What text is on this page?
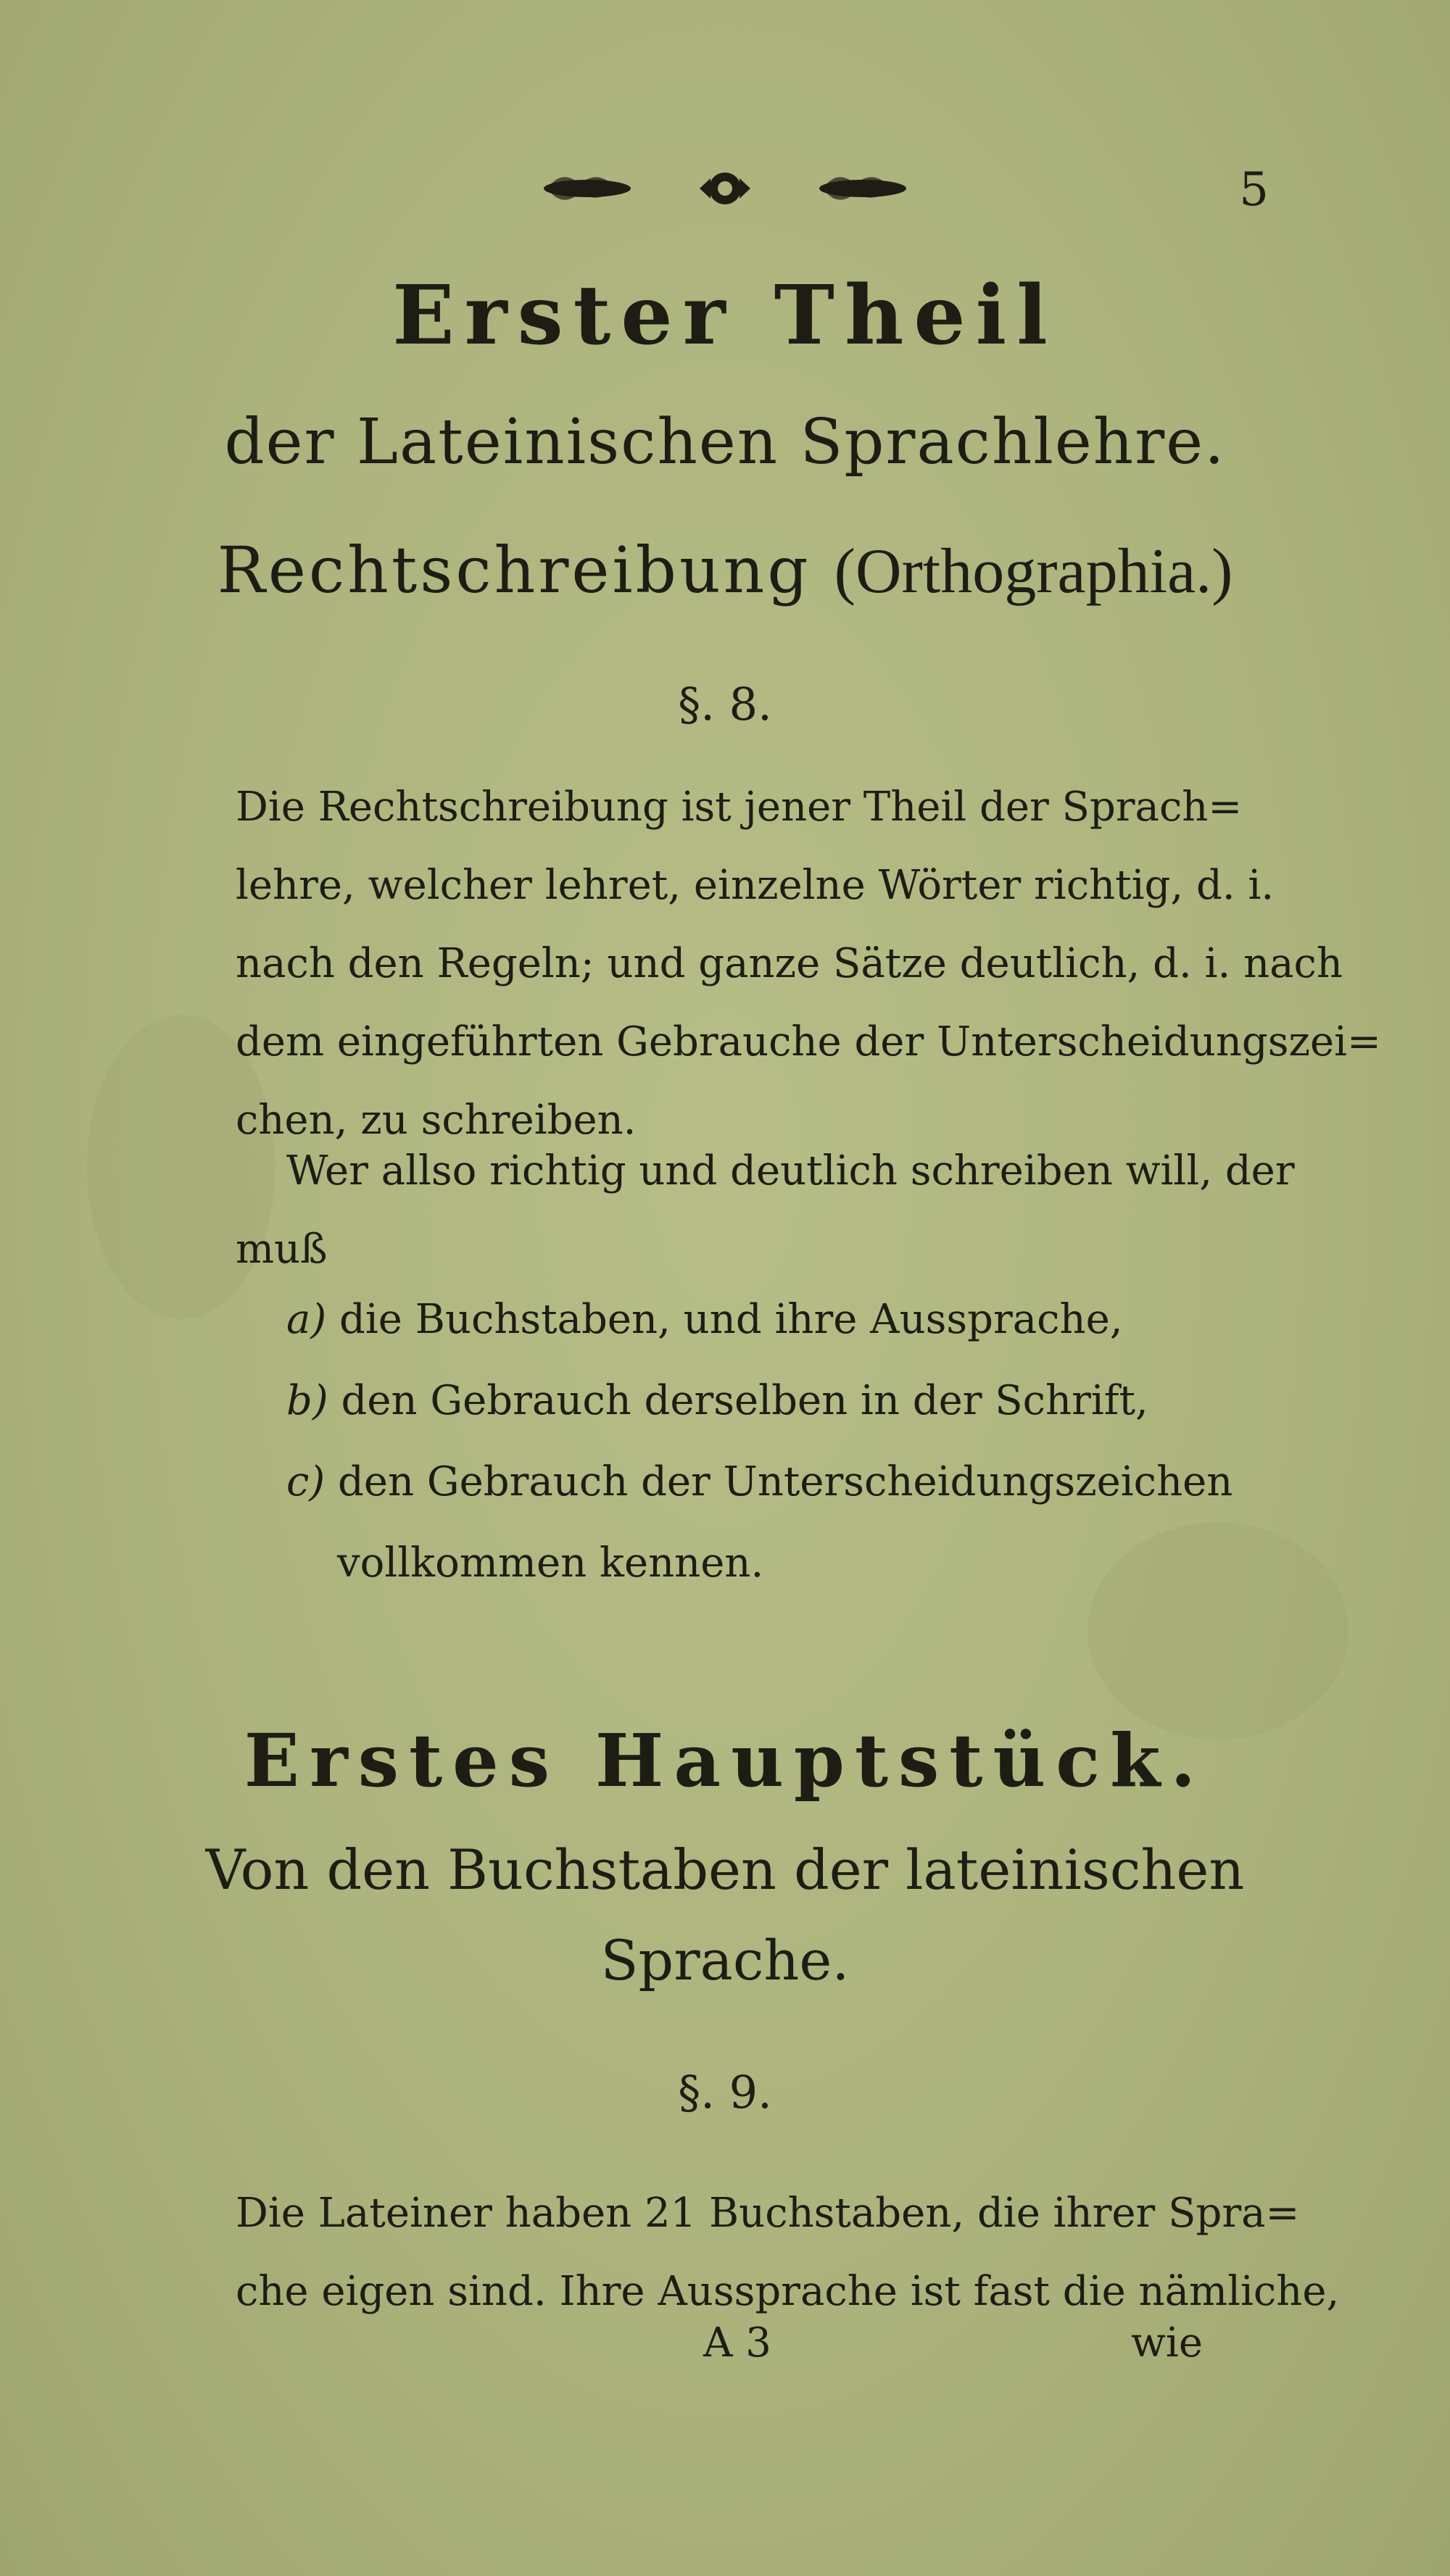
5
Erster Theil
der Lateinischen Sprachlehre.
Rechtschreibung (Orthographia.)
§. 8.

Die Rechtschreibung ist jener Theil der Sprach=

lehre, welcher lehret, einzelne Wörter richtig, d. i.

nach den Regeln; und ganze Sätze deutlich, d. i. nach

dem eingeführten Gebrauche der Unterscheidungszei=

chen, zu schreiben.

Wer allso richtig und deutlich schreiben will, der

muß

a) die Buchstaben, und ihre Aussprache,

b) den Gebrauch derselben in der Schrift,

c) den Gebrauch der Unterscheidungszeichen

vollkommen kennen.

Erstes Hauptstück.
Von den Buchstaben der lateinischen
Sprache.
§. 9.

Die Lateiner haben 21 Buchstaben, die ihrer Spra=

che eigen sind. Ihre Aussprache ist fast die nämliche,

A 3	wie
